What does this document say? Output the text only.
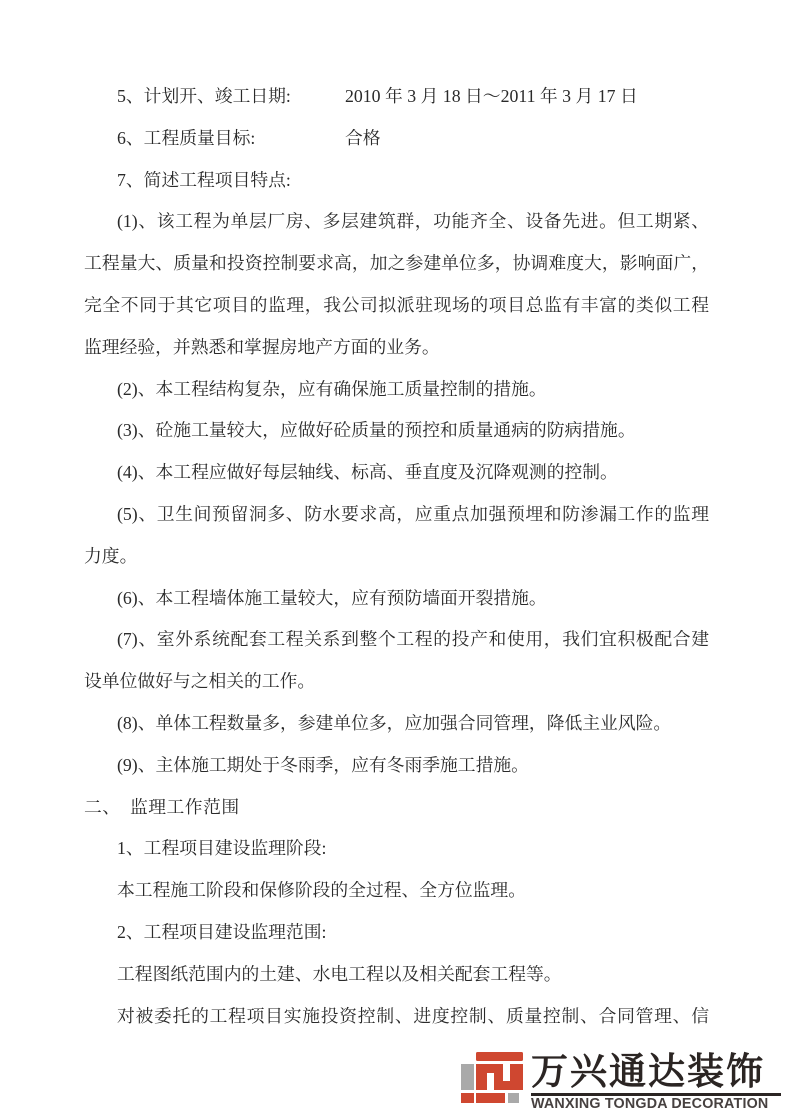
5、计划开、竣工日期:	2010 年 3 月 18 日～2011 年 3 月 17 日
6、工程质量目标:	合格
7、简述工程项目特点:
(1)、该工程为单层厂房、多层建筑群，功能齐全、设备先进。但工期紧、
工程量大、质量和投资控制要求高，加之参建单位多，协调难度大，影响面广，
完全不同于其它项目的监理，我公司拟派驻现场的项目总监有丰富的类似工程
监理经验，并熟悉和掌握房地产方面的业务。
(2)、本工程结构复杂，应有确保施工质量控制的措施。
(3)、砼施工量较大，应做好砼质量的预控和质量通病的防病措施。
(4)、本工程应做好每层轴线、标高、垂直度及沉降观测的控制。
(5)、卫生间预留洞多、防水要求高，应重点加强预埋和防渗漏工作的监理
力度。
(6)、本工程墙体施工量较大，应有预防墙面开裂措施。
(7)、室外系统配套工程关系到整个工程的投产和使用，我们宜积极配合建
设单位做好与之相关的工作。
(8)、单体工程数量多，参建单位多，应加强合同管理，降低主业风险。
(9)、主体施工期处于冬雨季，应有冬雨季施工措施。
二、　监理工作范围
1、工程项目建设监理阶段:
本工程施工阶段和保修阶段的全过程、全方位监理。
2、工程项目建设监理范围:
工程图纸范围内的土建、水电工程以及相关配套工程等。
对被委托的工程项目实施投资控制、进度控制、质量控制、合同管理、信
万兴通达装饰
WANXING TONGDA DECORATION
